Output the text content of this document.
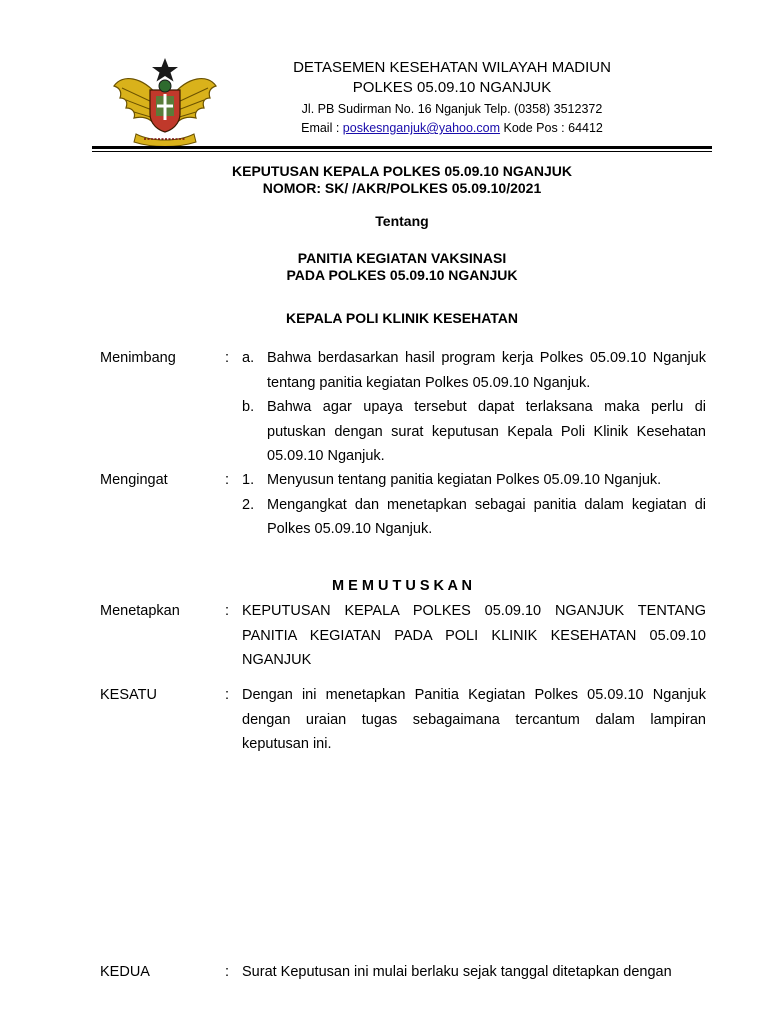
DETASEMEN KESEHATAN WILAYAH MADIUN
POLKES 05.09.10 NGANJUK
Jl. PB Sudirman No. 16 Nganjuk Telp. (0358) 3512372
Email : poskesnganjuk@yahoo.com Kode Pos : 64412
KEPUTUSAN KEPALA POLKES 05.09.10 NGANJUK
NOMOR: SK/ /AKR/POLKES 05.09.10/2021
Tentang
PANITIA KEGIATAN VAKSINASI
PADA POLKES 05.09.10 NGANJUK
KEPALA POLI KLINIK KESEHATAN
Menimbang	: a. Bahwa berdasarkan hasil program kerja Polkes 05.09.10 Nganjuk tentang panitia kegiatan Polkes 05.09.10 Nganjuk.
b. Bahwa agar upaya tersebut dapat terlaksana maka perlu di putuskan dengan surat keputusan Kepala Poli Klinik Kesehatan 05.09.10 Nganjuk.
Mengingat	: 1. Menyusun tentang panitia kegiatan Polkes 05.09.10 Nganjuk.
2. Mengangkat dan menetapkan sebagai panitia dalam kegiatan di Polkes 05.09.10 Nganjuk.
M E M U T U S K A N
Menetapkan	: KEPUTUSAN KEPALA POLKES 05.09.10 NGANJUK TENTANG PANITIA KEGIATAN PADA POLI KLINIK KESEHATAN 05.09.10 NGANJUK
KESATU	: Dengan ini menetapkan Panitia Kegiatan Polkes 05.09.10 Nganjuk dengan uraian tugas sebagaimana tercantum dalam lampiran keputusan ini.
KEDUA	: Surat Keputusan ini mulai berlaku sejak tanggal ditetapkan dengan
